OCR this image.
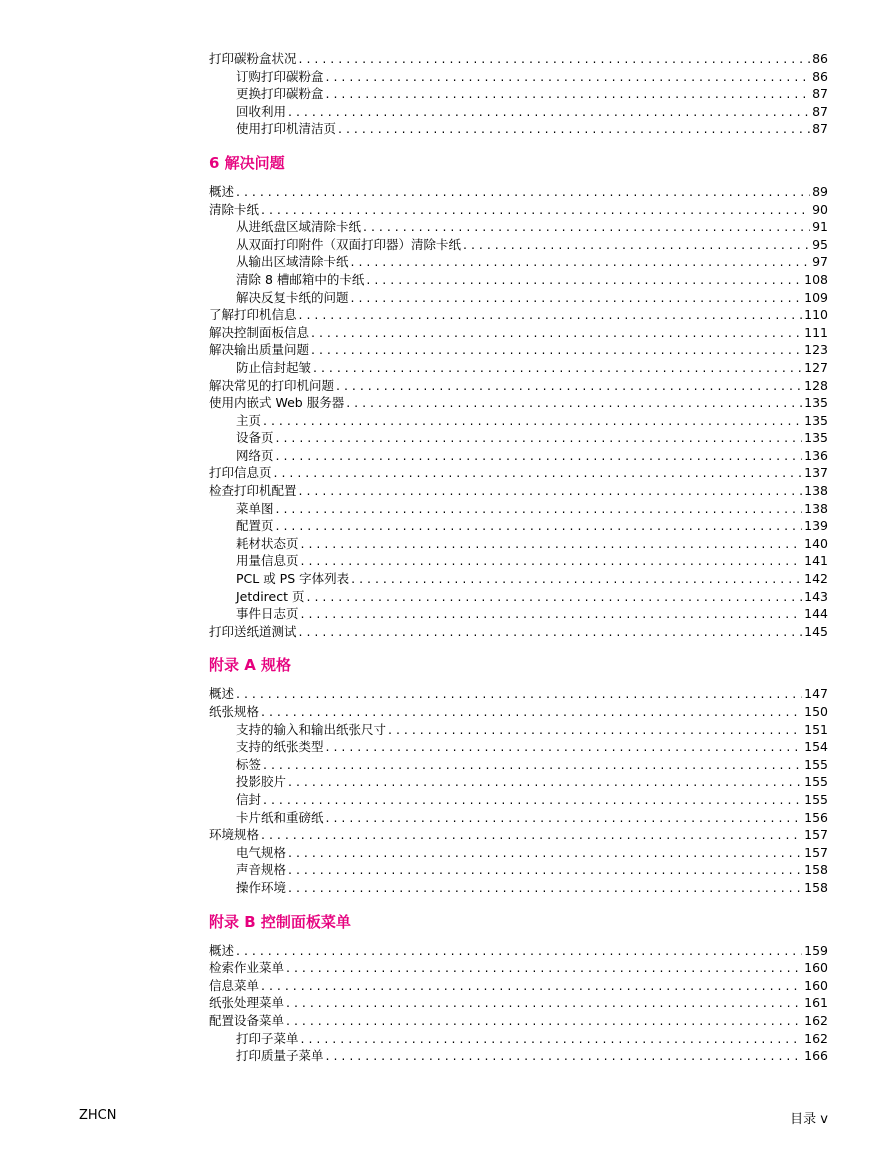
打印碳粉盒状况 . . .	86
订购打印碳粉盒 . . .	86
更换打印碳粉盒 . . .	87
回收利用 . . .	87
使用打印机清洁页 . . .	87
6 解决问题
概述 . . .	89
清除卡纸 . . .	90
从进纸盘区域清除卡纸 . . .	91
从双面打印附件（双面打印器）清除卡纸 . . .	95
从输出区域清除卡纸 . . .	97
清除 8 槽邮箱中的卡纸 . . .	108
解决反复卡纸的问题 . . .	109
了解打印机信息 . . .	110
解决控制面板信息 . . .	111
解决输出质量问题 . . .	123
防止信封起皱 . . .	127
解决常见的打印机问题 . . .	128
使用内嵌式 Web 服务器 . . .	135
主页 . . .	135
设备页 . . .	135
网络页 . . .	136
打印信息页 . . .	137
检查打印机配置 . . .	138
菜单图 . . .	138
配置页 . . .	139
耗材状态页 . . .	140
用量信息页 . . .	141
PCL 或 PS 字体列表 . . .	142
Jetdirect 页 . . .	143
事件日志页 . . .	144
打印送纸道测试 . . .	145
附录 A 规格
概述 . . .	147
纸张规格 . . .	150
支持的输入和输出纸张尺寸 . . .	151
支持的纸张类型 . . .	154
标签 . . .	155
投影胶片 . . .	155
信封 . . .	155
卡片纸和重磅纸 . . .	156
环境规格 . . .	157
电气规格 . . .	157
声音规格 . . .	158
操作环境 . . .	158
附录 B 控制面板菜单
概述 . . .	159
检索作业菜单 . . .	160
信息菜单 . . .	160
纸张处理菜单 . . .	161
配置设备菜单 . . .	162
打印子菜单 . . .	162
打印质量子菜单 . . .	166
ZHCN	目录 v
